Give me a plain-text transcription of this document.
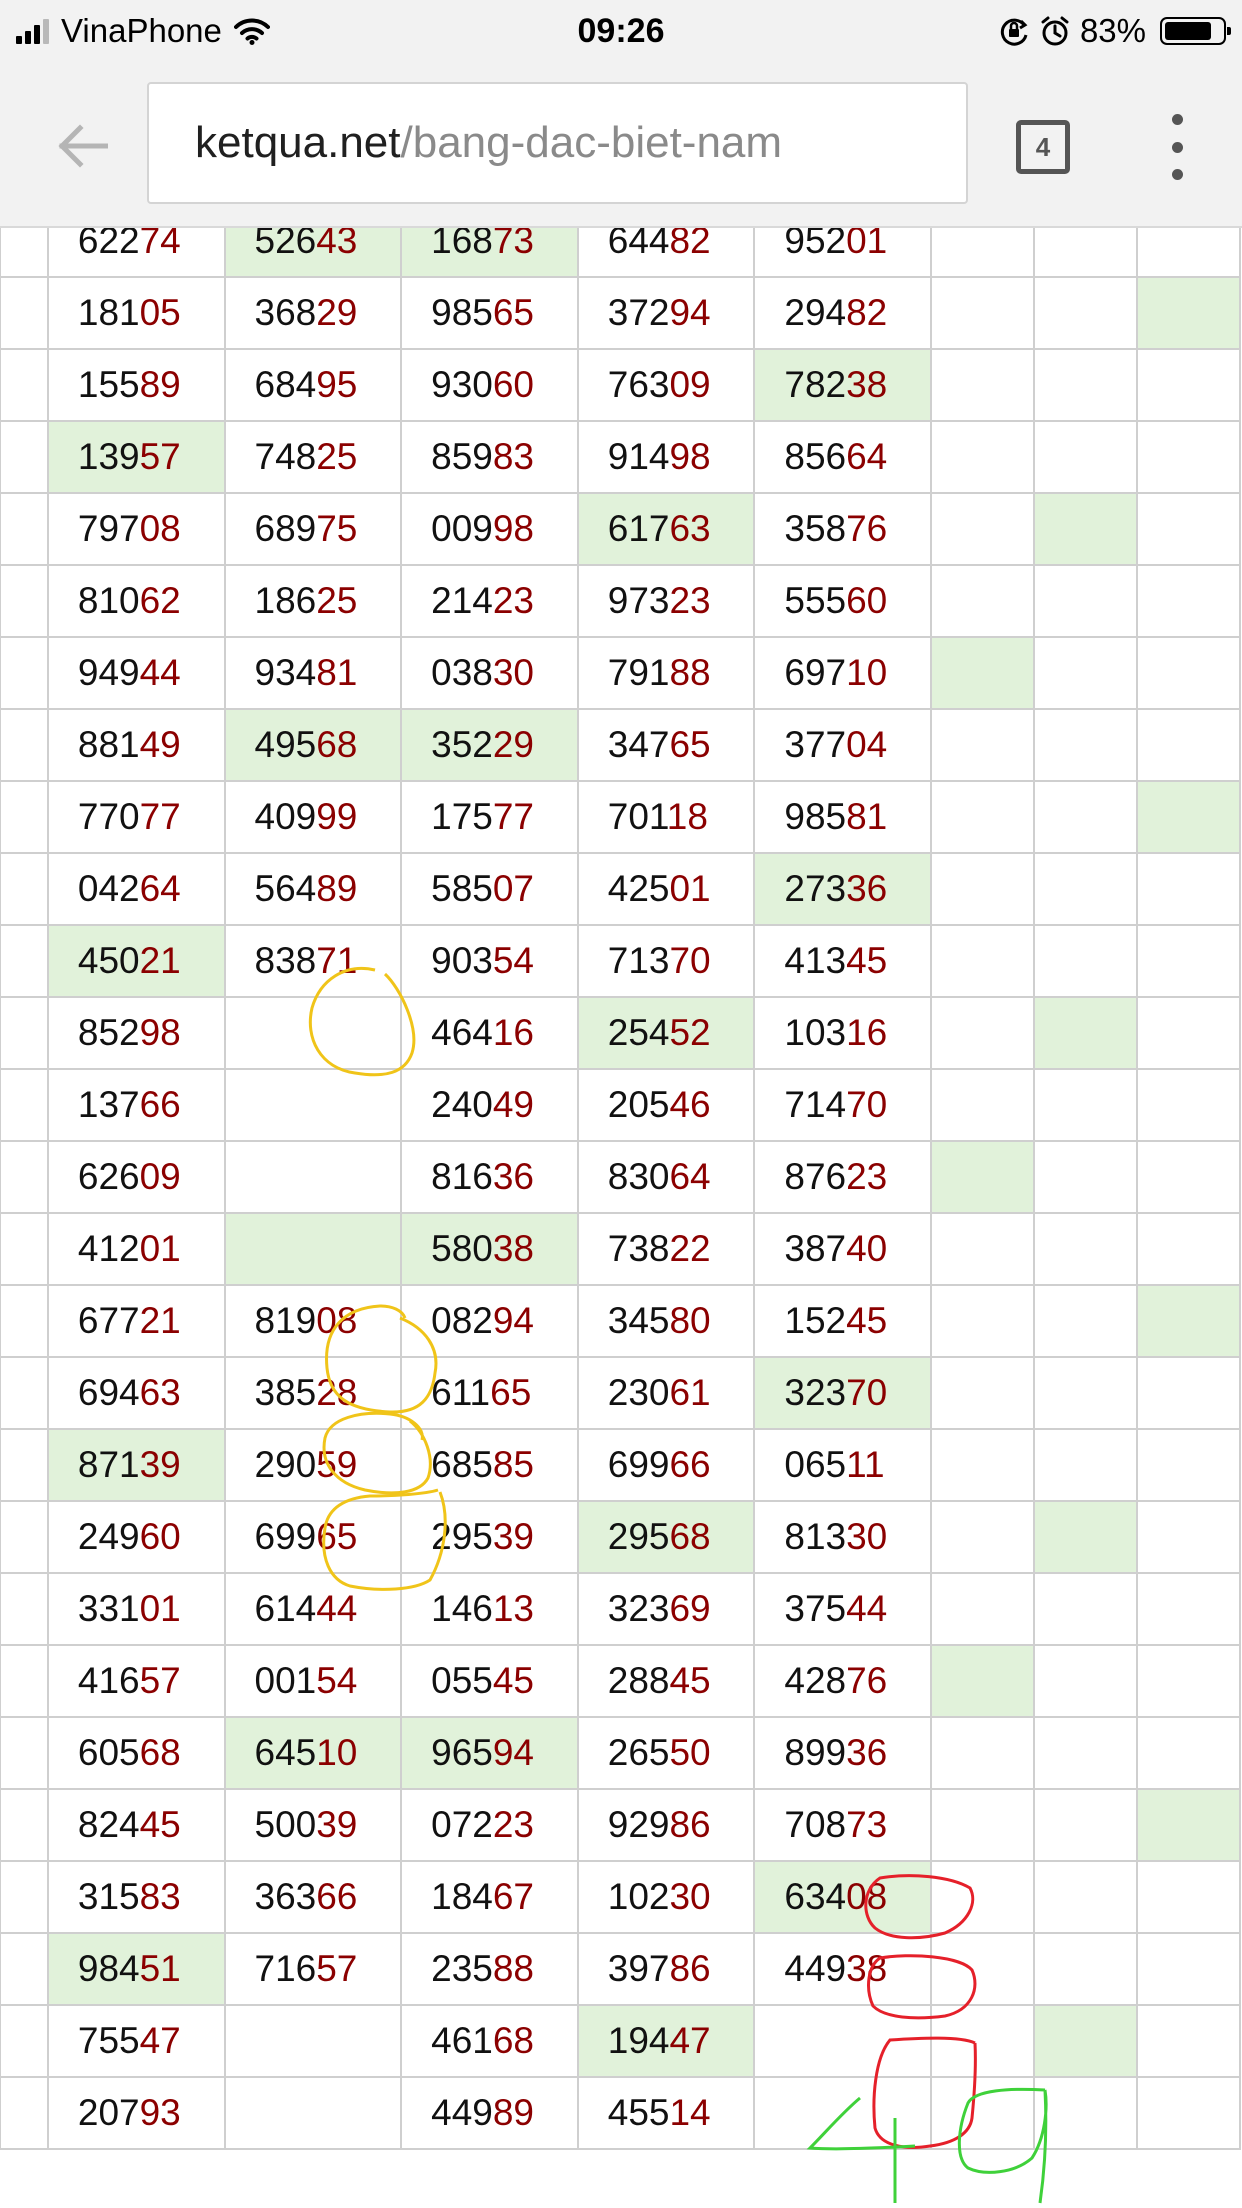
VinaPhone	09:26	83%
ketqua.net/bang-dac-biet-nam	4
	62274	52643	16873	64482	95201			
	18105	36829	98565	37294	29482			
	15589	68495	93060	76309	78238			
	13957	74825	85983	91498	85664			
	79708	68975	00998	61763	35876			
	81062	18625	21423	97323	55560			
	94944	93481	03830	79188	69710			
	88149	49568	35229	34765	37704			
	77077	40999	17577	70118	98581			
	04264	56489	58507	42501	27336			
	45021	83871	90354	71370	41345			
	85298		46416	25452	10316			
	13766		24049	20546	71470			
	62609		81636	83064	87623			
	41201		58038	73822	38740			
	67721	81908	08294	34580	15245			
	69463	38528	61165	23061	32370			
	87139	29059	68585	69966	06511			
	24960	69965	29539	29568	81330			
	33101	61444	14613	32369	37544			
	41657	00154	05545	28845	42876			
	60568	64510	96594	26550	89936			
	82445	50039	07223	92986	70873			
	31583	36366	18467	10230	63408			
	98451	71657	23588	39786	44938			
	75547		46168	19447				
	20793		44989	45514				
